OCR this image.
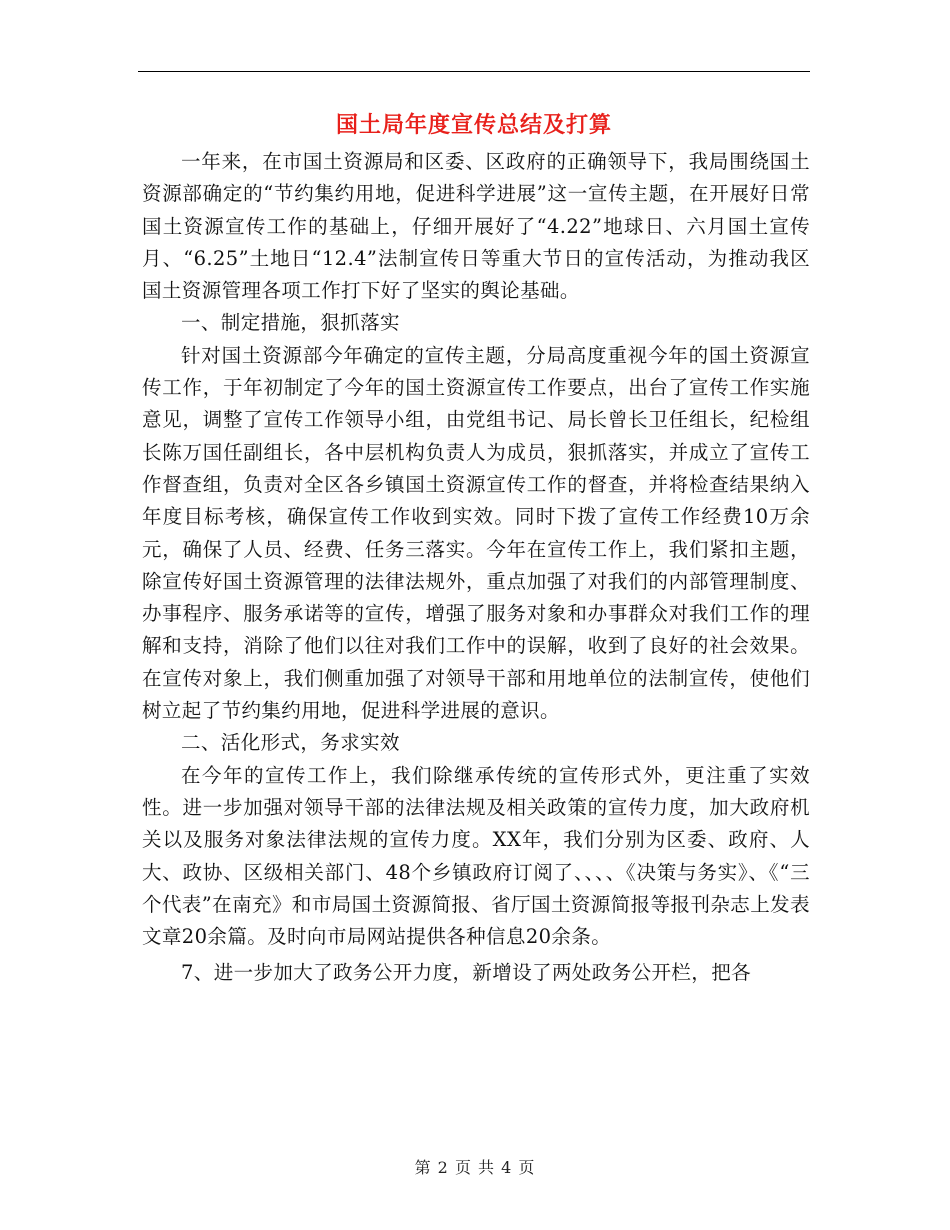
国土局年度宣传总结及打算

一年来，在市国土资源局和区委、区政府的正确领导下，我局围绕国土资源部确定的“节约集约用地，促进科学进展”这一宣传主题，在开展好日常国土资源宣传工作的基础上，仔细开展好了“4.22”地球日、六月国土宣传月、“6.25”土地日“12.4”法制宣传日等重大节日的宣传活动，为推动我区国土资源管理各项工作打下好了坚实的舆论基础。

一、制定措施，狠抓落实

针对国土资源部今年确定的宣传主题，分局高度重视今年的国土资源宣传工作，于年初制定了今年的国土资源宣传工作要点，出台了宣传工作实施意见，调整了宣传工作领导小组，由党组书记、局长曾长卫任组长，纪检组长陈万国任副组长，各中层机构负责人为成员，狠抓落实，并成立了宣传工作督查组，负责对全区各乡镇国土资源宣传工作的督查，并将检查结果纳入年度目标考核，确保宣传工作收到实效。同时下拨了宣传工作经费10万余元，确保了人员、经费、任务三落实。今年在宣传工作上，我们紧扣主题，除宣传好国土资源管理的法律法规外，重点加强了对我们的内部管理制度、办事程序、服务承诺等的宣传，增强了服务对象和办事群众对我们工作的理解和支持，消除了他们以往对我们工作中的误解，收到了良好的社会效果。在宣传对象上，我们侧重加强了对领导干部和用地单位的法制宣传，使他们树立起了节约集约用地，促进科学进展的意识。

二、活化形式，务求实效

在今年的宣传工作上，我们除继承传统的宣传形式外，更注重了实效性。进一步加强对领导干部的法律法规及相关政策的宣传力度，加大政府机关以及服务对象法律法规的宣传力度。XX年，我们分别为区委、政府、人大、政协、区级相关部门、48个乡镇政府订阅了、、、、《决策与务实》、《“三个代表”在南充》和市局国土资源简报、省厅国土资源简报等报刊杂志上发表文章20余篇。及时向市局网站提供各种信息20余条。

7、进一步加大了政务公开力度，新增设了两处政务公开栏，把各

第 2 页 共 4 页
